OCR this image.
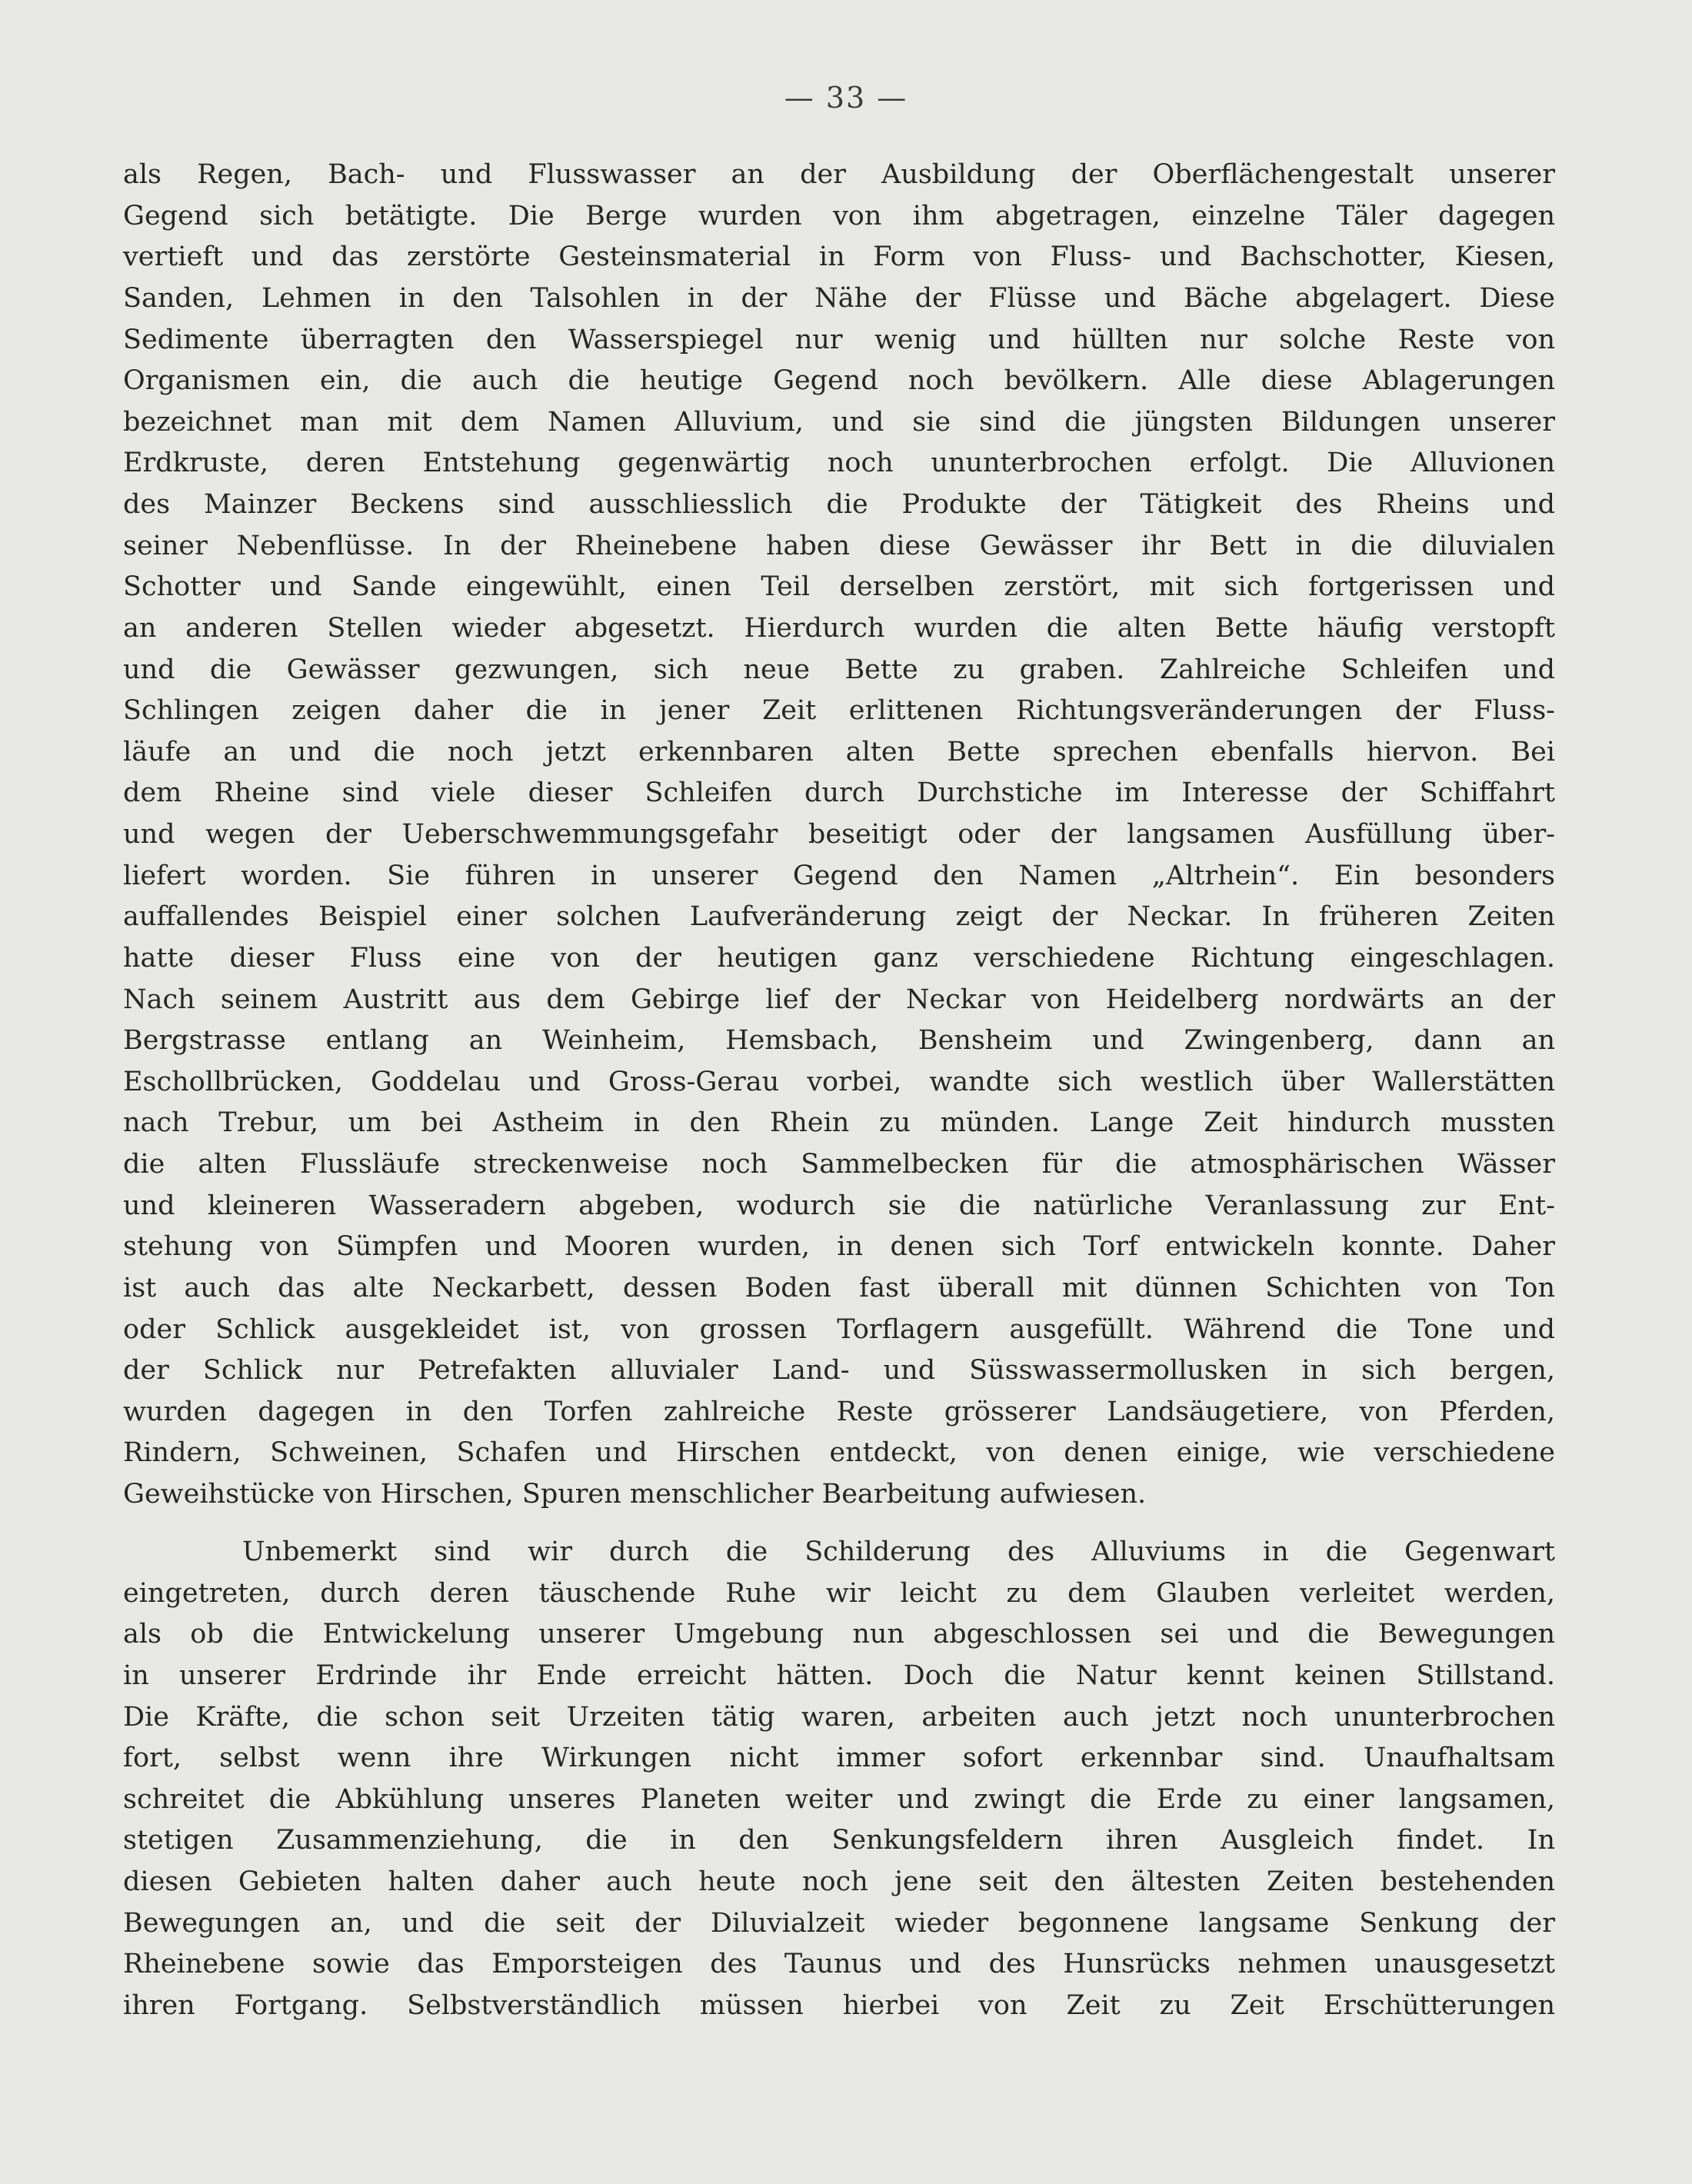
— 33 —
als Regen, Bach- und Flusswasser an der Ausbildung der Oberflächengestalt unserer
Gegend sich betätigte. Die Berge wurden von ihm abgetragen, einzelne Täler dagegen
vertieft und das zerstörte Gesteinsmaterial in Form von Fluss- und Bachschotter, Kiesen,
Sanden, Lehmen in den Talsohlen in der Nähe der Flüsse und Bäche abgelagert. Diese
Sedimente überragten den Wasserspiegel nur wenig und hüllten nur solche Reste von
Organismen ein, die auch die heutige Gegend noch bevölkern. Alle diese Ablagerungen
bezeichnet man mit dem Namen Alluvium, und sie sind die jüngsten Bildungen unserer
Erdkruste, deren Entstehung gegenwärtig noch ununterbrochen erfolgt. Die Alluvionen
des Mainzer Beckens sind ausschliesslich die Produkte der Tätigkeit des Rheins und
seiner Nebenflüsse. In der Rheinebene haben diese Gewässer ihr Bett in die diluvialen
Schotter und Sande eingewühlt, einen Teil derselben zerstört, mit sich fortgerissen und
an anderen Stellen wieder abgesetzt. Hierdurch wurden die alten Bette häufig verstopft
und die Gewässer gezwungen, sich neue Bette zu graben. Zahlreiche Schleifen und
Schlingen zeigen daher die in jener Zeit erlittenen Richtungsveränderungen der Fluss-
läufe an und die noch jetzt erkennbaren alten Bette sprechen ebenfalls hiervon. Bei
dem Rheine sind viele dieser Schleifen durch Durchstiche im Interesse der Schiffahrt
und wegen der Ueberschwemmungsgefahr beseitigt oder der langsamen Ausfüllung über-
liefert worden. Sie führen in unserer Gegend den Namen „Altrhein“. Ein besonders
auffallendes Beispiel einer solchen Laufveränderung zeigt der Neckar. In früheren Zeiten
hatte dieser Fluss eine von der heutigen ganz verschiedene Richtung eingeschlagen.
Nach seinem Austritt aus dem Gebirge lief der Neckar von Heidelberg nordwärts an der
Bergstrasse entlang an Weinheim, Hemsbach, Bensheim und Zwingenberg, dann an
Eschollbrücken, Goddelau und Gross-Gerau vorbei, wandte sich westlich über Wallerstätten
nach Trebur, um bei Astheim in den Rhein zu münden. Lange Zeit hindurch mussten
die alten Flussläufe streckenweise noch Sammelbecken für die atmosphärischen Wässer
und kleineren Wasseradern abgeben, wodurch sie die natürliche Veranlassung zur Ent-
stehung von Sümpfen und Mooren wurden, in denen sich Torf entwickeln konnte. Daher
ist auch das alte Neckarbett, dessen Boden fast überall mit dünnen Schichten von Ton
oder Schlick ausgekleidet ist, von grossen Torflagern ausgefüllt. Während die Tone und
der Schlick nur Petrefakten alluvialer Land- und Süsswassermollusken in sich bergen,
wurden dagegen in den Torfen zahlreiche Reste grösserer Landsäugetiere, von Pferden,
Rindern, Schweinen, Schafen und Hirschen entdeckt, von denen einige, wie verschiedene
Geweihstücke von Hirschen, Spuren menschlicher Bearbeitung aufwiesen.
Unbemerkt sind wir durch die Schilderung des Alluviums in die Gegenwart
eingetreten, durch deren täuschende Ruhe wir leicht zu dem Glauben verleitet werden,
als ob die Entwickelung unserer Umgebung nun abgeschlossen sei und die Bewegungen
in unserer Erdrinde ihr Ende erreicht hätten. Doch die Natur kennt keinen Stillstand.
Die Kräfte, die schon seit Urzeiten tätig waren, arbeiten auch jetzt noch ununterbrochen
fort, selbst wenn ihre Wirkungen nicht immer sofort erkennbar sind. Unaufhaltsam
schreitet die Abkühlung unseres Planeten weiter und zwingt die Erde zu einer langsamen,
stetigen Zusammenziehung, die in den Senkungsfeldern ihren Ausgleich findet. In
diesen Gebieten halten daher auch heute noch jene seit den ältesten Zeiten bestehenden
Bewegungen an, und die seit der Diluvialzeit wieder begonnene langsame Senkung der
Rheinebene sowie das Emporsteigen des Taunus und des Hunsrücks nehmen unausgesetzt
ihren Fortgang. Selbstverständlich müssen hierbei von Zeit zu Zeit Erschütterungen
